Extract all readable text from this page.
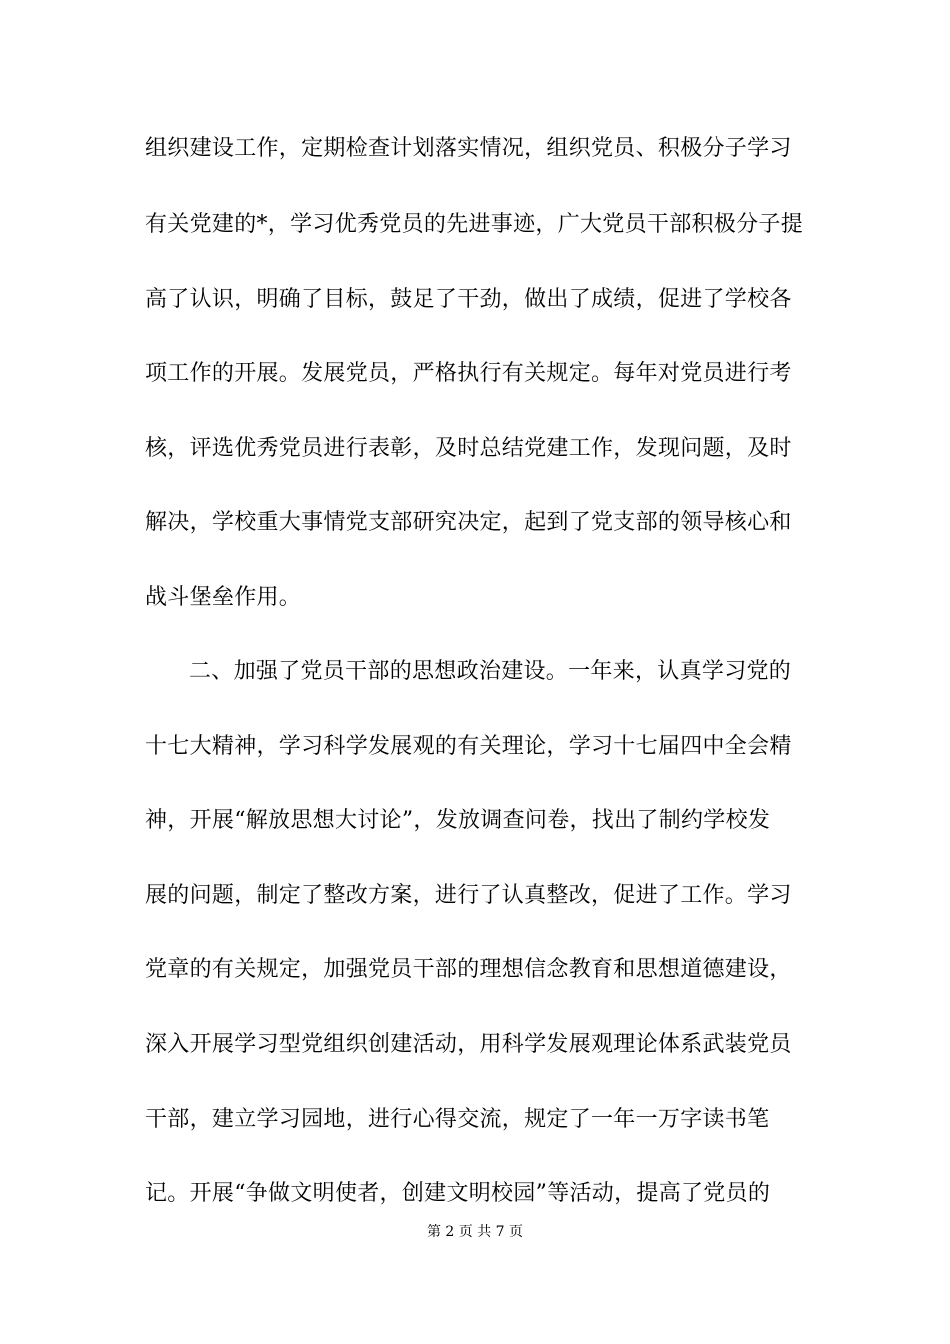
组织建设工作，定期检查计划落实情况，组织党员、积极分子学习
有关党建的*，学习优秀党员的先进事迹，广大党员干部积极分子提
高了认识，明确了目标，鼓足了干劲，做出了成绩，促进了学校各
项工作的开展。发展党员，严格执行有关规定。每年对党员进行考
核，评选优秀党员进行表彰，及时总结党建工作，发现问题，及时
解决，学校重大事情党支部研究决定，起到了党支部的领导核心和
战斗堡垒作用。
二、加强了党员干部的思想政治建设。一年来，认真学习党的
十七大精神，学习科学发展观的有关理论，学习十七届四中全会精
神，开展“解放思想大讨论”，发放调查问卷，找出了制约学校发
展的问题，制定了整改方案，进行了认真整改，促进了工作。学习
党章的有关规定，加强党员干部的理想信念教育和思想道德建设，
深入开展学习型党组织创建活动，用科学发展观理论体系武装党员
干部，建立学习园地，进行心得交流，规定了一年一万字读书笔
记。开展“争做文明使者，创建文明校园”等活动，提高了党员的
第 2 页 共 7 页
